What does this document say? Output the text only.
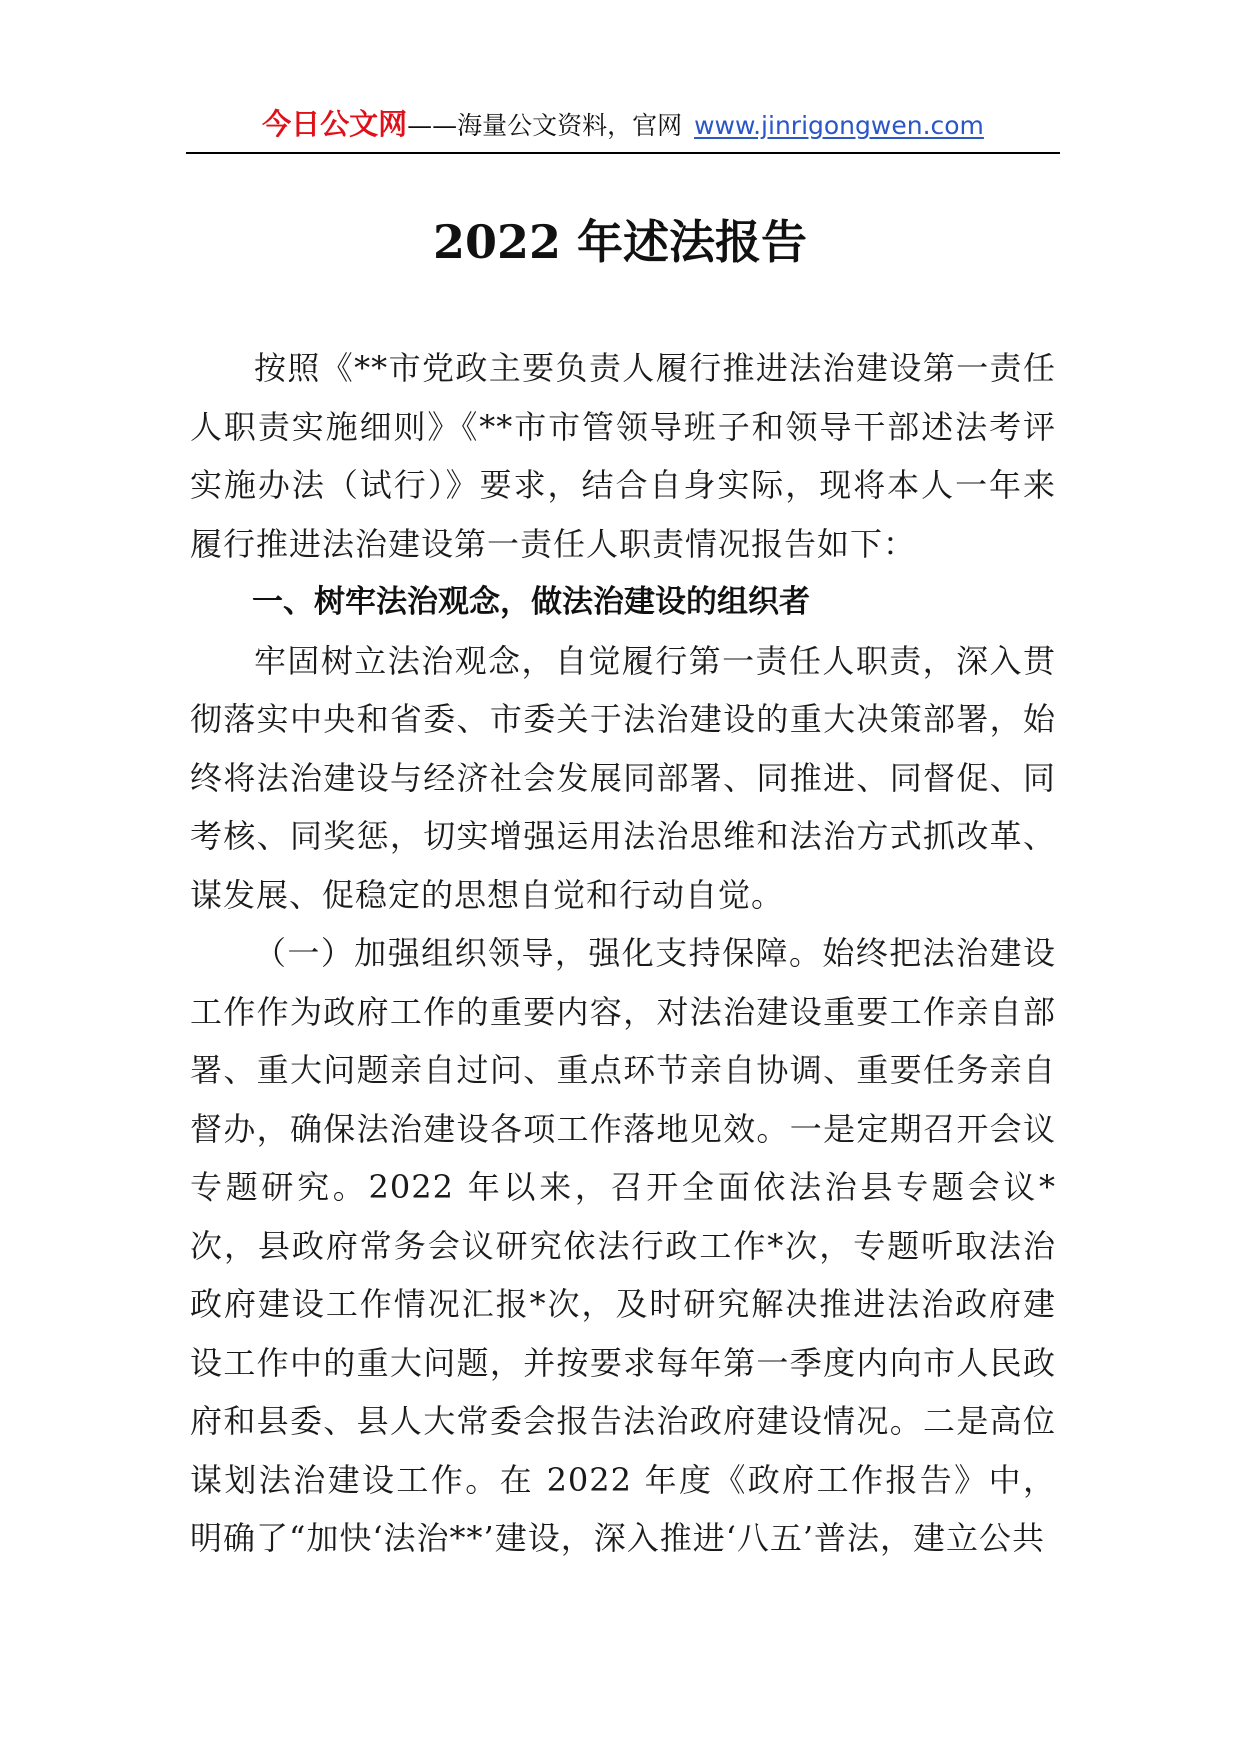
今日公文网——海量公文资料，官网 www.jinrigongwen.com
2022 年述法报告

按照《**市党政主要负责人履行推进法治建设第一责任人职责实施细则》《**市市管领导班子和领导干部述法考评实施办法（试行）》要求，结合自身实际，现将本人一年来履行推进法治建设第一责任人职责情况报告如下：

一、树牢法治观念，做法治建设的组织者

牢固树立法治观念，自觉履行第一责任人职责，深入贯彻落实中央和省委、市委关于法治建设的重大决策部署，始终将法治建设与经济社会发展同部署、同推进、同督促、同考核、同奖惩，切实增强运用法治思维和法治方式抓改革、谋发展、促稳定的思想自觉和行动自觉。

（一）加强组织领导，强化支持保障。始终把法治建设工作作为政府工作的重要内容，对法治建设重要工作亲自部署、重大问题亲自过问、重点环节亲自协调、重要任务亲自督办，确保法治建设各项工作落地见效。一是定期召开会议专题研究。2022 年以来，召开全面依法治县专题会议*次，县政府常务会议研究依法行政工作*次，专题听取法治政府建设工作情况汇报*次，及时研究解决推进法治政府建设工作中的重大问题，并按要求每年第一季度内向市人民政府和县委、县人大常委会报告法治政府建设情况。二是高位谋划法治建设工作。在 2022 年度《政府工作报告》中，明确了“加快‘法治**’建设，深入推进‘八五’普法，建立公共
